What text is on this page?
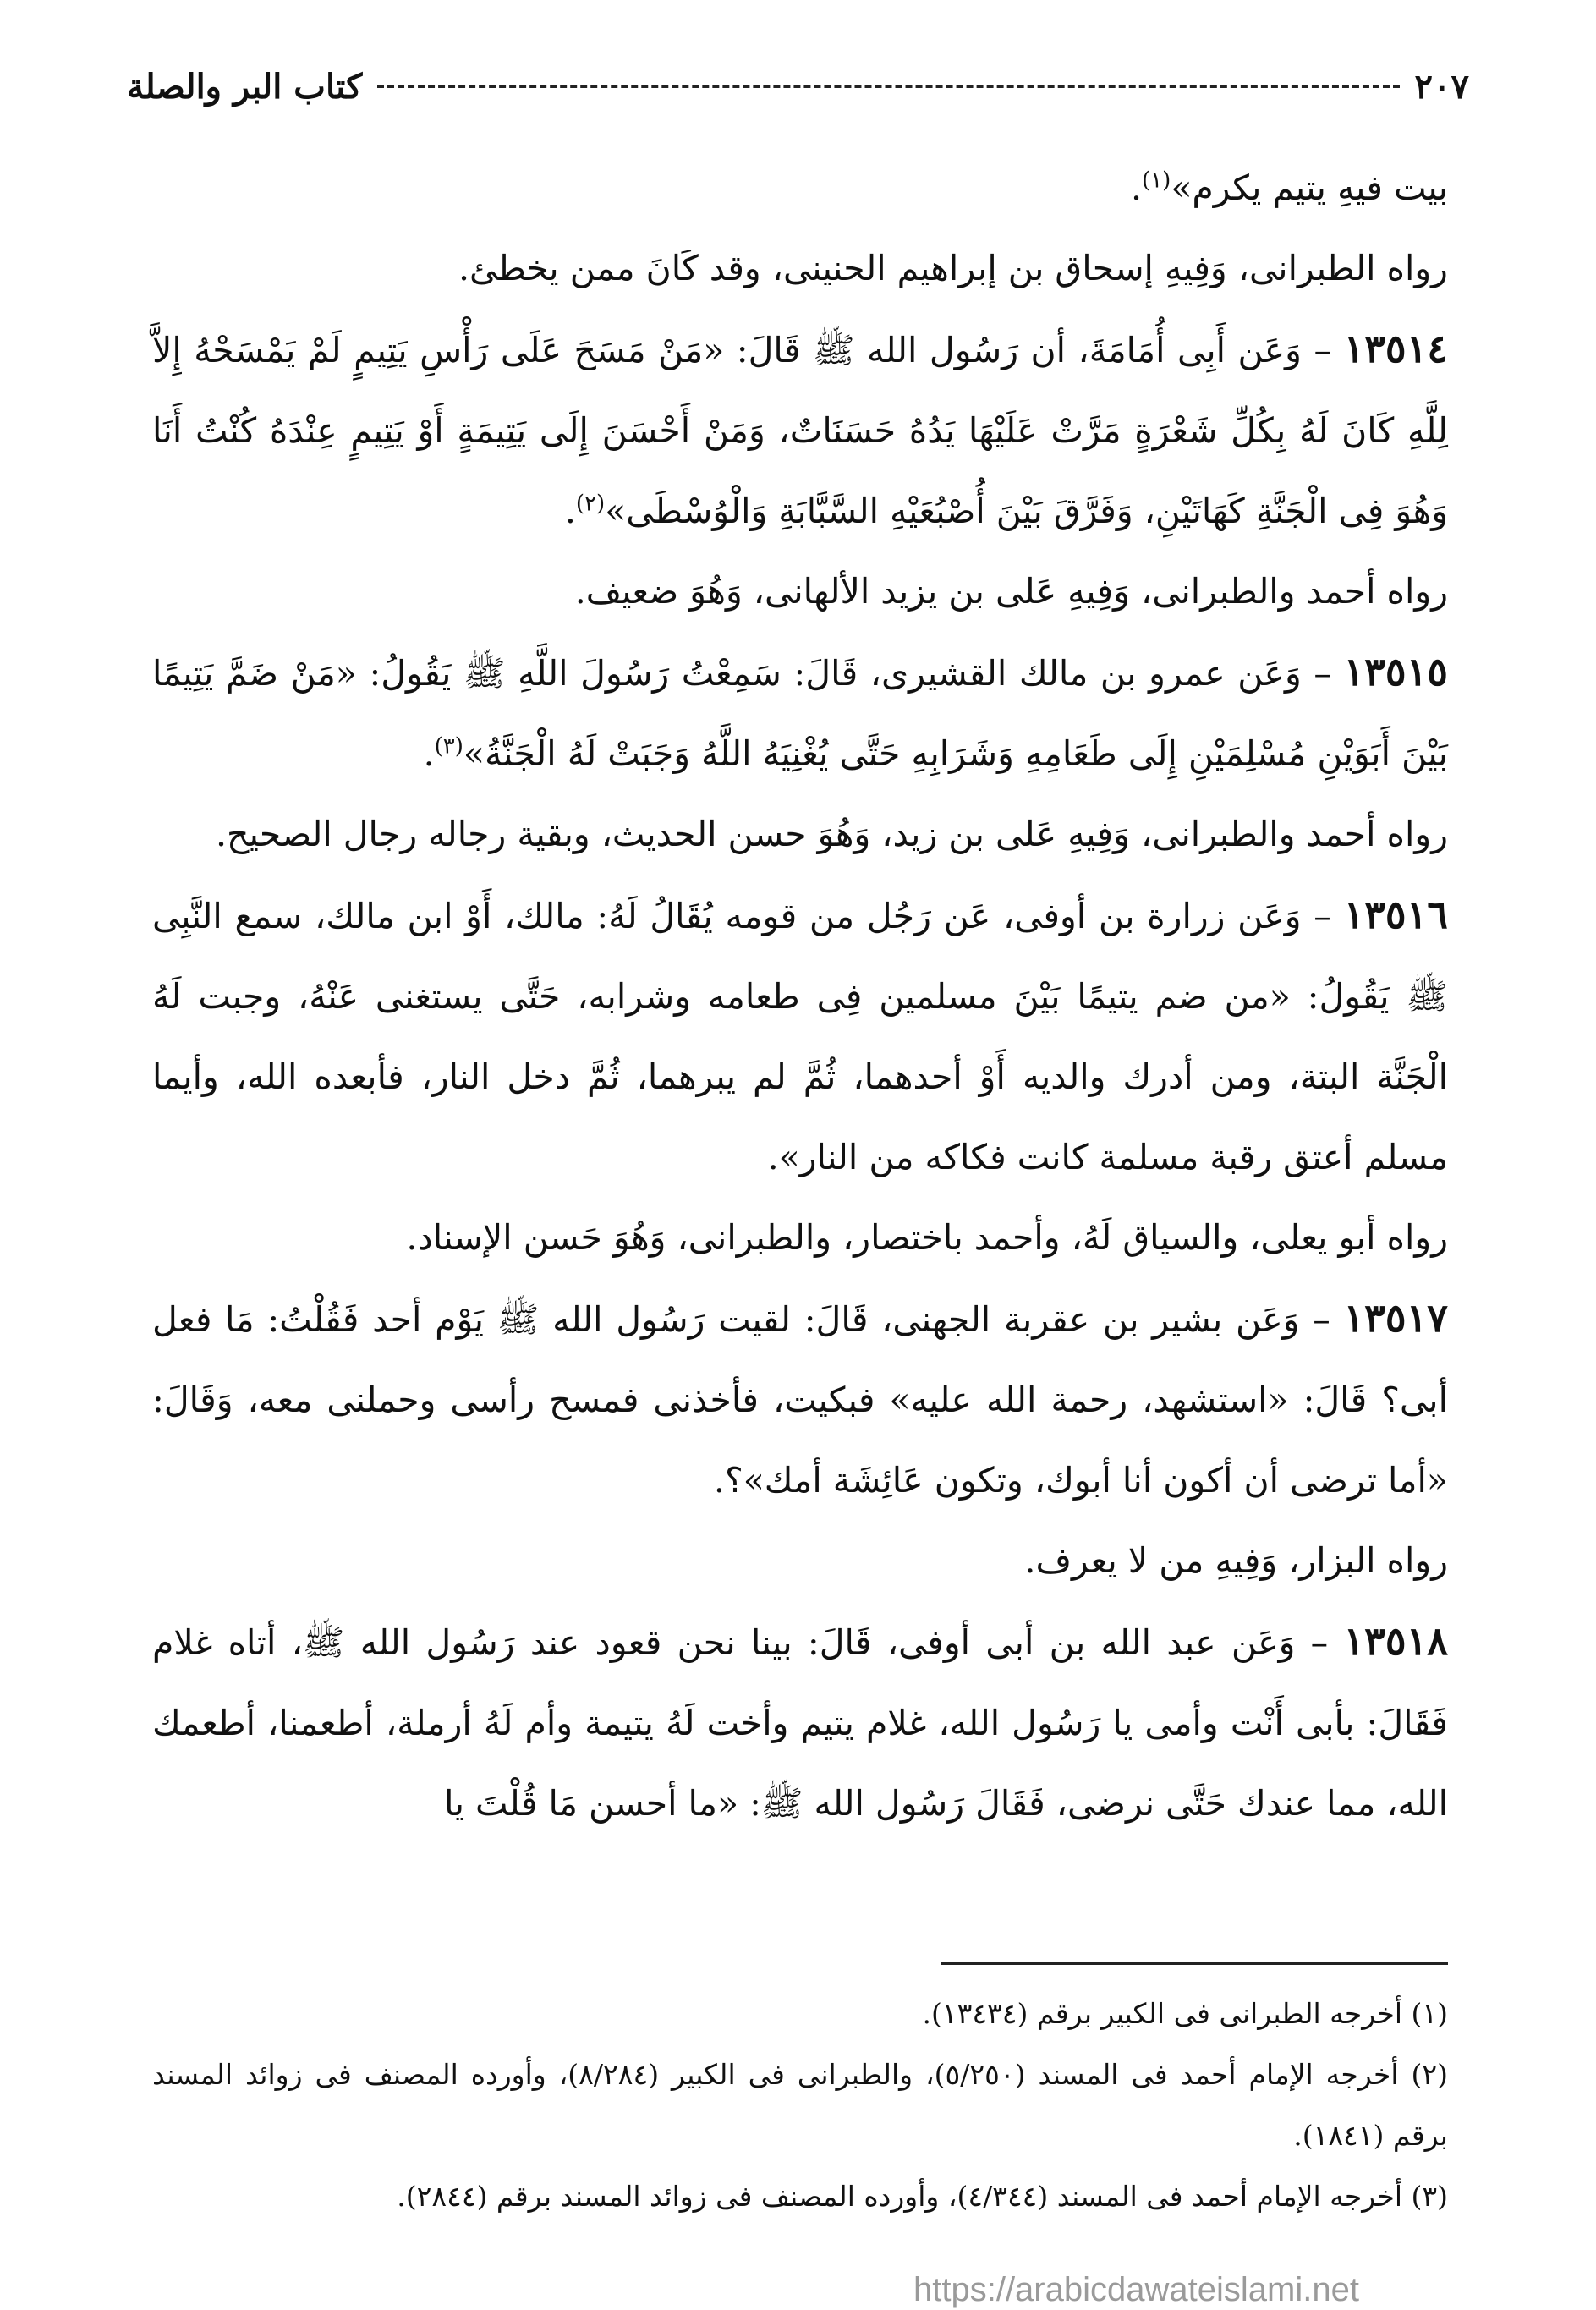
كتاب البر والصلة	٢٠٧

بيت فيهِ يتيم يكرم»$^{(١)}$.

رواه الطبرانى، وَفِيهِ إسحاق بن إبراهيم الحنينى، وقد كَانَ ممن يخطئ.

١٣٥١٤ – وَعَن أَبِى أُمَامَةَ، أن رَسُول الله ﷺ قَالَ: «مَنْ مَسَحَ عَلَى رَأْسِ يَتِيمٍ لَمْ يَمْسَحْهُ إِلاَّ لِلَّهِ كَانَ لَهُ بِكُلِّ شَعْرَةٍ مَرَّتْ عَلَيْهَا يَدُهُ حَسَنَاتٌ، وَمَنْ أَحْسَنَ إِلَى يَتِيمَةٍ أَوْ يَتِيمٍ عِنْدَهُ كُنْتُ أَنَا وَهُوَ فِى الْجَنَّةِ كَهَاتَيْنِ، وَفَرَّقَ بَيْنَ أُصْبُعَيْهِ السَّبَّابَةِ وَالْوُسْطَى»$^{(٢)}$.

رواه أحمد والطبرانى، وَفِيهِ عَلى بن يزيد الألهانى، وَهُوَ ضعيف.

١٣٥١٥ – وَعَن عمرو بن مالك القشيرى، قَالَ: سَمِعْتُ رَسُولَ اللَّهِ ﷺ يَقُولُ: «مَنْ ضَمَّ يَتِيمًا بَيْنَ أَبَوَيْنِ مُسْلِمَيْنِ إِلَى طَعَامِهِ وَشَرَابِهِ حَتَّى يُغْنِيَهُ اللَّهُ وَجَبَتْ لَهُ الْجَنَّةُ»$^{(٣)}$.

رواه أحمد والطبرانى، وَفِيهِ عَلى بن زيد، وَهُوَ حسن الحديث، وبقية رجاله رجال الصحيح.

١٣٥١٦ – وَعَن زرارة بن أوفى، عَن رَجُل من قومه يُقَالُ لَهُ: مالك، أَوْ ابن مالك، سمع النَّبِى ﷺ يَقُولُ: «من ضم يتيمًا بَيْنَ مسلمين فِى طعامه وشرابه، حَتَّى يستغنى عَنْهُ، وجبت لَهُ الْجَنَّة البتة، ومن أدرك والديه أَوْ أحدهما، ثُمَّ لم يبرهما، ثُمَّ دخل النار، فأبعده الله، وأيما مسلم أعتق رقبة مسلمة كانت فكاكه من النار».

رواه أبو يعلى، والسياق لَهُ، وأحمد باختصار، والطبرانى، وَهُوَ حَسن الإسناد.

١٣٥١٧ – وَعَن بشير بن عقربة الجهنى، قَالَ: لقيت رَسُول الله ﷺ يَوْم أحد فَقُلْتُ: مَا فعل أبى؟ قَالَ: «استشهد، رحمة الله عليه» فبكيت، فأخذنى فمسح رأسى وحملنى معه، وَقَالَ: «أما ترضى أن أكون أنا أبوك، وتكون عَائِشَة أمك»؟.

رواه البزار، وَفِيهِ من لا يعرف.

١٣٥١٨ – وَعَن عبد الله بن أبى أوفى، قَالَ: بينا نحن قعود عند رَسُول الله ﷺ، أتاه غلام فَقَالَ: بأبى أَنْت وأمى يا رَسُول الله، غلام يتيم وأخت لَهُ يتيمة وأم لَهُ أرملة، أطعمنا، أطعمك الله، مما عندك حَتَّى نرضى، فَقَالَ رَسُول الله ﷺ: «ما أحسن مَا قُلْتَ يا

(١) أخرجه الطبرانى فى الكبير برقم (١٣٤٣٤).

(٢) أخرجه الإمام أحمد فى المسند (٥/٢٥٠)، والطبرانى فى الكبير (٨/٢٨٤)، وأورده المصنف فى زوائد المسند برقم (١٨٤١).

(٣) أخرجه الإمام أحمد فى المسند (٤/٣٤٤)، وأورده المصنف فى زوائد المسند برقم (٢٨٤٤).

https://arabicdawateislami.net
